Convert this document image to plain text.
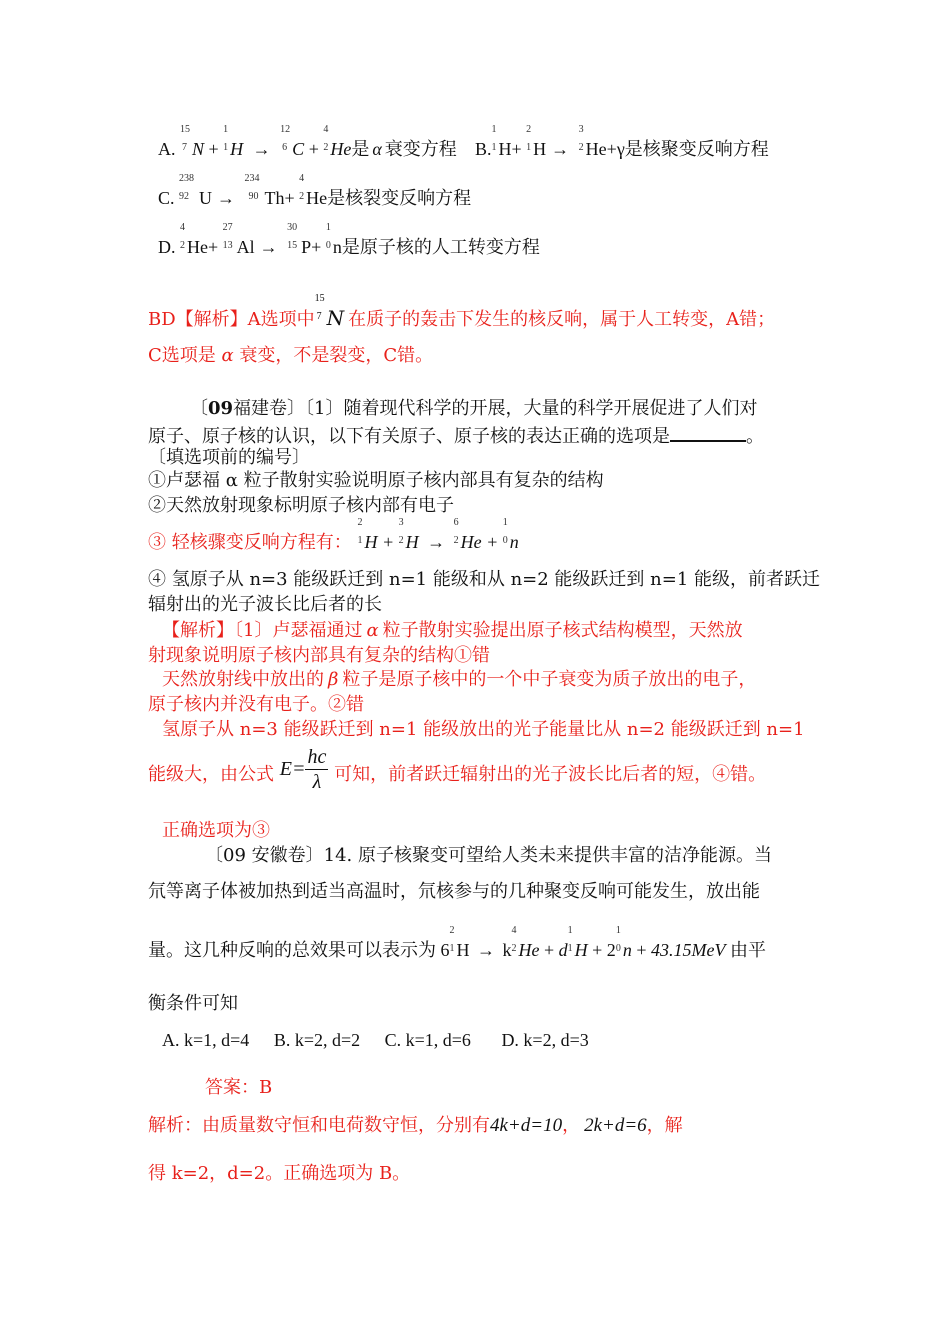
A.
15
7 N +
1
1 H →
12
6 C +
4
2 He是 α 衰变方程 B.
1
1 H+
2
1 H →
3
2 He+γ是核聚变反响方程
C.
238
92 U →
234
90 Th+
4
2 He是核裂变反响方程
D.
4
2 He+
27
13 Al →
30
15 P+
1
0 n是原子核的人工转变方程
BD【解析】A选项中
15
7 N 在质子的轰击下发生的核反响，属于人工转变，A错；
C选项是 α 衰变，不是裂变，C错。
〔09福建卷〕〔1〕随着现代科学的开展，大量的科学开展促进了人们对
原子、原子核的认识，以下有关原子、原子核的表达正确的选项是	。
〔填选项前的编号〕
①卢瑟福 α 粒子散射实验说明原子核内部具有复杂的结构
②天然放射现象标明原子核内部有电子
③ 轻核骤变反响方程有：
2
1 H +
3
2 H →
6
2 He +
1
0 n
④ 氢原子从 n=3 能级跃迁到 n=1 能级和从 n=2 能级跃迁到 n=1 能级，前者跃迁
辐射出的光子波长比后者的长
【解析】〔1〕卢瑟福通过 α 粒子散射实验提出原子核式结构模型，天然放
射现象说明原子核内部具有复杂的结构①错
天然放射线中放出的 β 粒子是原子核中的一个中子衰变为质子放出的电子，
原子核内并没有电子。②错
氢原子从 n=3 能级跃迁到 n=1 能级放出的光子能量比从 n=2 能级跃迁到 n=1
能级大，由公式 $E= \frac{hc}{\lambda}$ 可知，前者跃迁辐射出的光子波长比后者的短，④错。
正确选项为③
〔09 安徽卷〕14. 原子核聚变可望给人类未来提供丰富的洁净能源。当
氘等离子体被加热到适当高温时，氘核参与的几种聚变反响可能发生，放出能
量。这几种反响的总效果可以表示为 6
2
1 H → k
4
2 He + d
1
1 H + 2
1
0 n + 43.15MeV 由平
衡条件可知
A. k=1, d=4 B. k=2, d=2 C. k=1, d=6 D. k=2, d=3
答案：B
解析：由质量数守恒和电荷数守恒，分别有4k+d=10， 2k+d=6，解
得 k=2，d=2。正确选项为 B。
